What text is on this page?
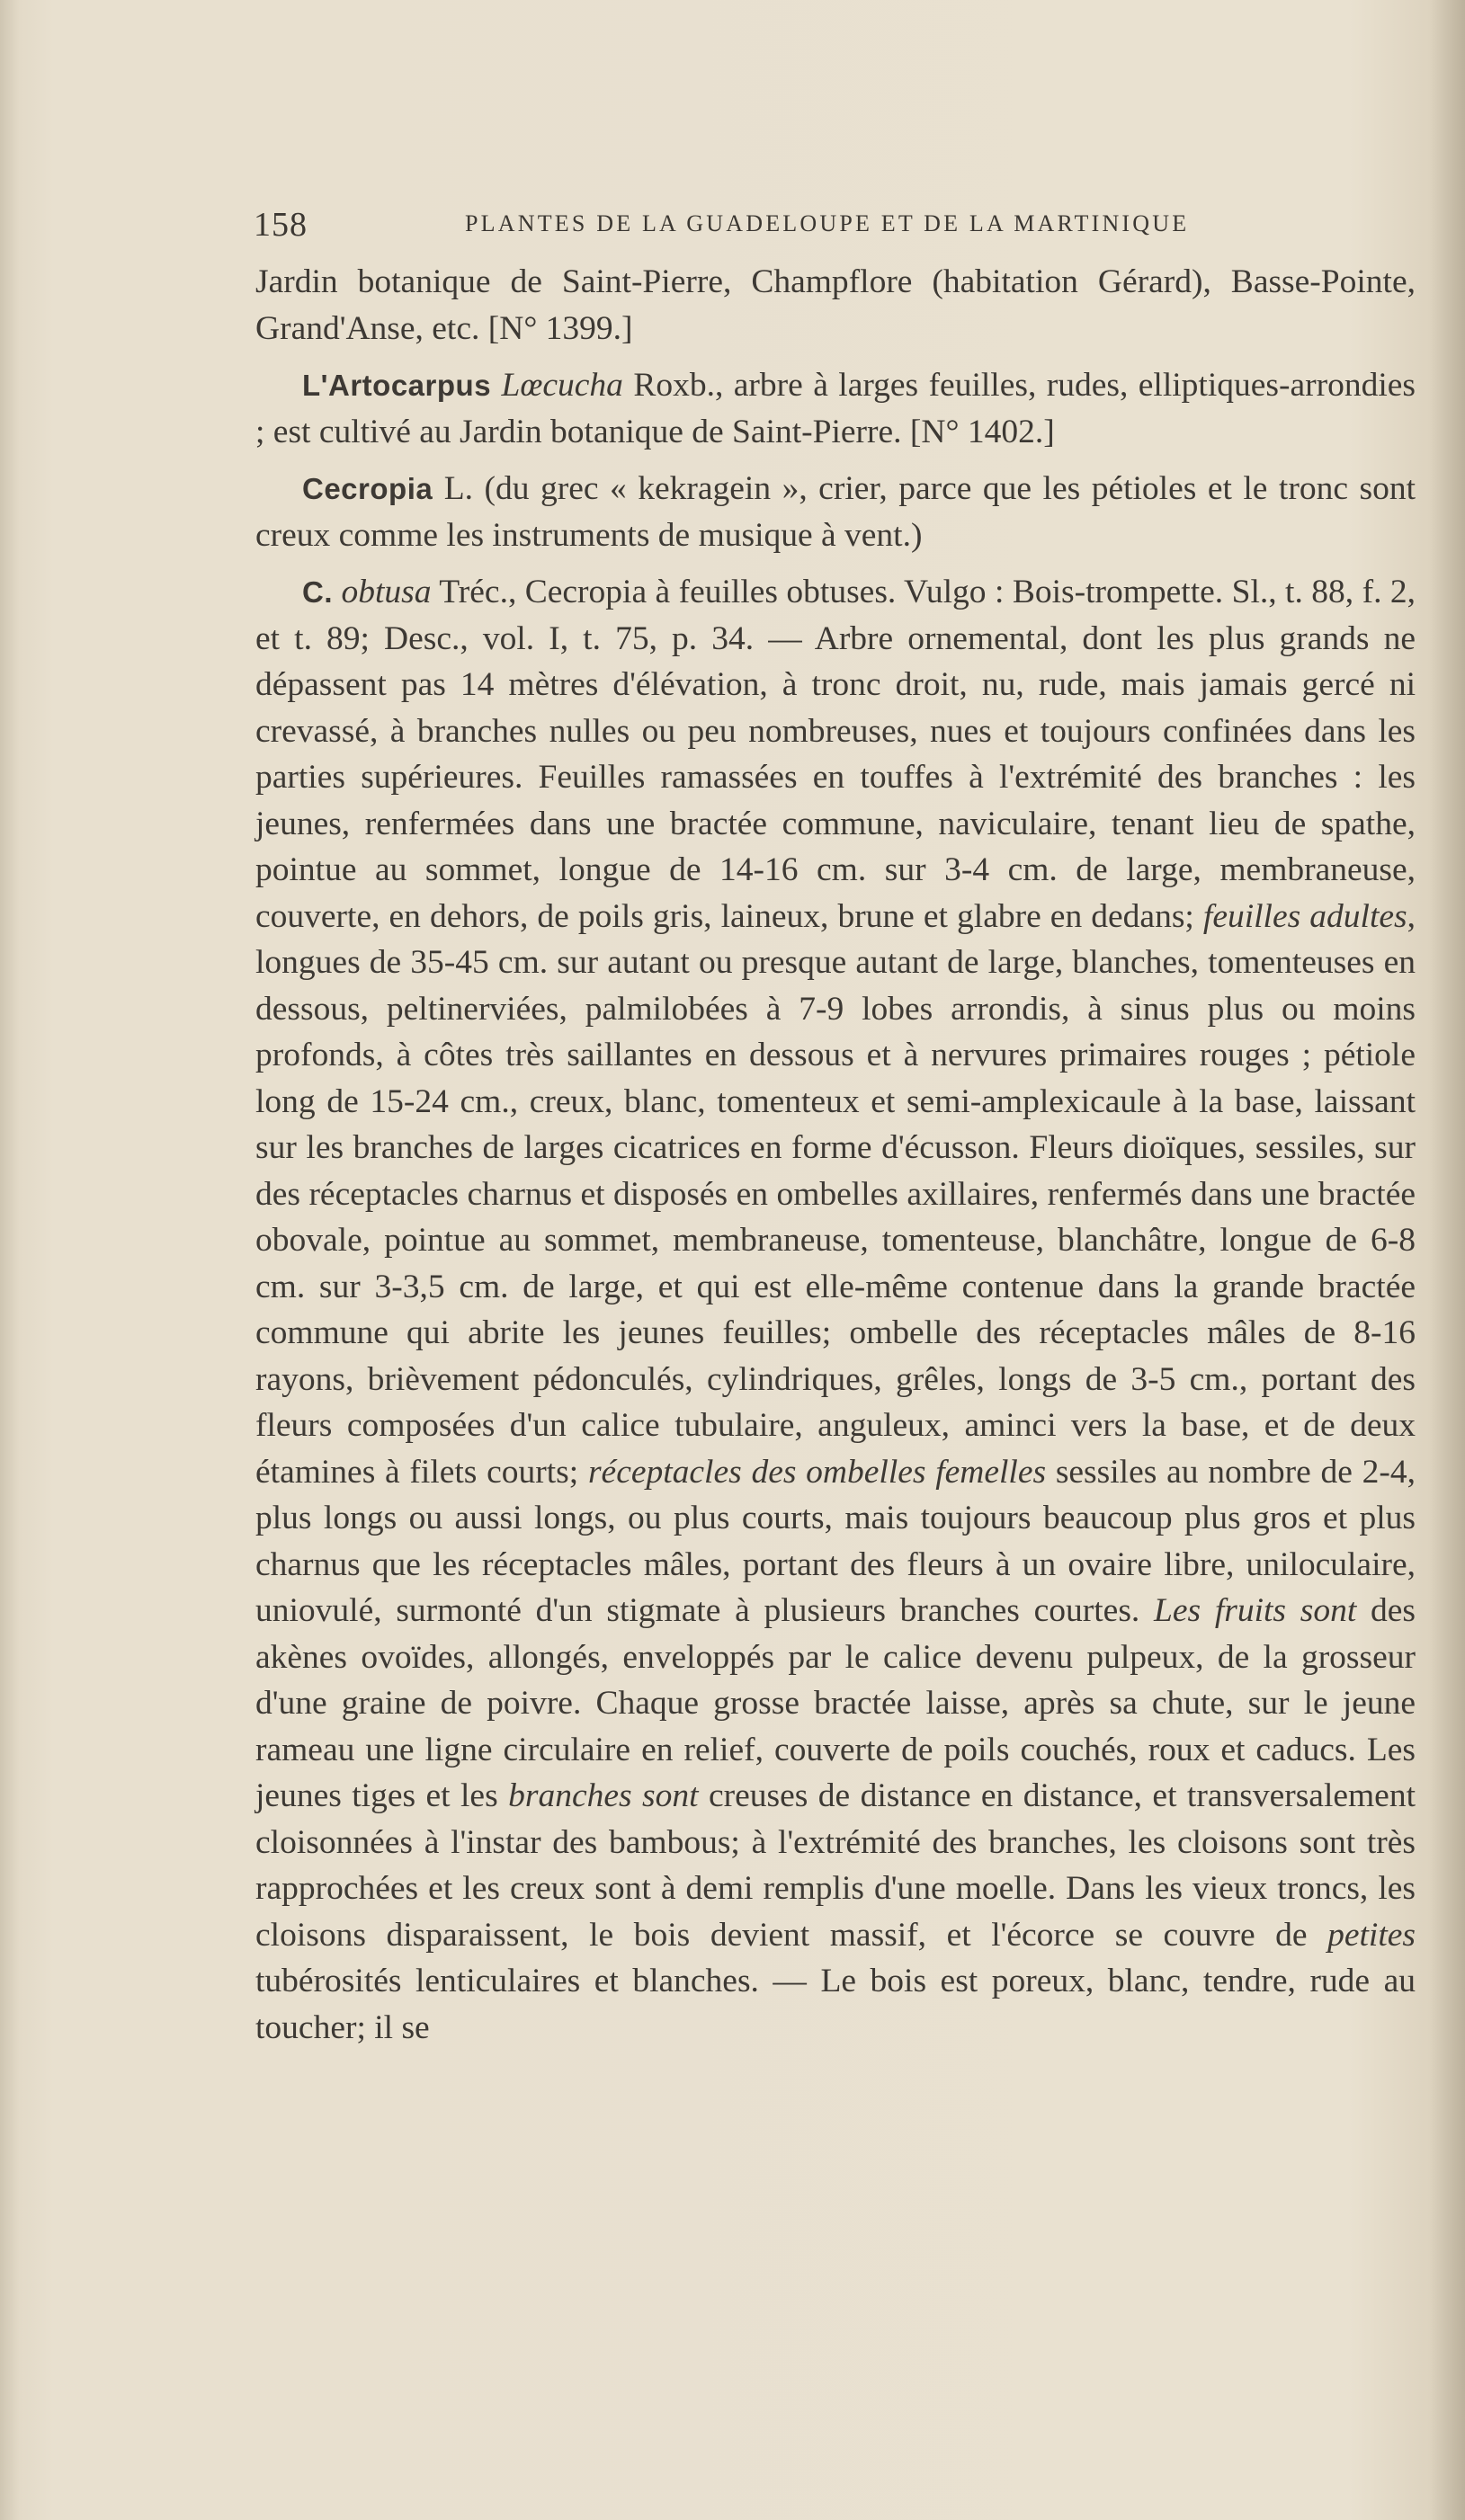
158	PLANTES DE LA GUADELOUPE ET DE LA MARTINIQUE

Jardin botanique de Saint-Pierre, Champflore (habitation Gérard), Basse-Pointe, Grand'Anse, etc. [N° 1399.]

L'Artocarpus Lœcucha Roxb., arbre à larges feuilles, rudes, elliptiques-arrondies ; est cultivé au Jardin botanique de Saint-Pierre. [N° 1402.]

Cecropia L. (du grec « kekragein », crier, parce que les pétioles et le tronc sont creux comme les instruments de musique à vent.)

C. obtusa Tréc., Cecropia à feuilles obtuses. Vulgo : Bois-trompette. Sl., t. 88, f. 2, et t. 89; Desc., vol. I, t. 75, p. 34. — Arbre ornemental, dont les plus grands ne dépassent pas 14 mètres d'élévation, à tronc droit, nu, rude, mais jamais gercé ni crevassé, à branches nulles ou peu nombreuses, nues et toujours confinées dans les parties supérieures. Feuilles ramassées en touffes à l'extrémité des branches : les jeunes, renfermées dans une bractée commune, naviculaire, tenant lieu de spathe, pointue au sommet, longue de 14-16 cm. sur 3-4 cm. de large, membraneuse, couverte, en dehors, de poils gris, laineux, brune et glabre en dedans; feuilles adultes, longues de 35-45 cm. sur autant ou presque autant de large, blanches, tomenteuses en dessous, peltinerviées, palmilobées à 7-9 lobes arrondis, à sinus plus ou moins profonds, à côtes très saillantes en dessous et à nervures primaires rouges ; pétiole long de 15-24 cm., creux, blanc, tomenteux et semi-amplexicaule à la base, laissant sur les branches de larges cicatrices en forme d'écusson. Fleurs dioïques, sessiles, sur des réceptacles charnus et disposés en ombelles axillaires, renfermés dans une bractée obovale, pointue au sommet, membraneuse, tomenteuse, blanchâtre, longue de 6-8 cm. sur 3-3,5 cm. de large, et qui est elle-même contenue dans la grande bractée commune qui abrite les jeunes feuilles; ombelle des réceptacles mâles de 8-16 rayons, brièvement pédonculés, cylindriques, grêles, longs de 3-5 cm., portant des fleurs composées d'un calice tubulaire, anguleux, aminci vers la base, et de deux étamines à filets courts; réceptacles des ombelles femelles sessiles au nombre de 2-4, plus longs ou aussi longs, ou plus courts, mais toujours beaucoup plus gros et plus charnus que les réceptacles mâles, portant des fleurs à un ovaire libre, uniloculaire, uniovulé, surmonté d'un stigmate à plusieurs branches courtes. Les fruits sont des akènes ovoïdes, allongés, enveloppés par le calice devenu pulpeux, de la grosseur d'une graine de poivre. Chaque grosse bractée laisse, après sa chute, sur le jeune rameau une ligne circulaire en relief, couverte de poils couchés, roux et caducs. Les jeunes tiges et les branches sont creuses de distance en distance, et transversalement cloisonnées à l'instar des bambous; à l'extrémité des branches, les cloisons sont très rapprochées et les creux sont à demi remplis d'une moelle. Dans les vieux troncs, les cloisons disparaissent, le bois devient massif, et l'écorce se couvre de petites tubérosités lenticulaires et blanches. — Le bois est poreux, blanc, tendre, rude au toucher; il se
